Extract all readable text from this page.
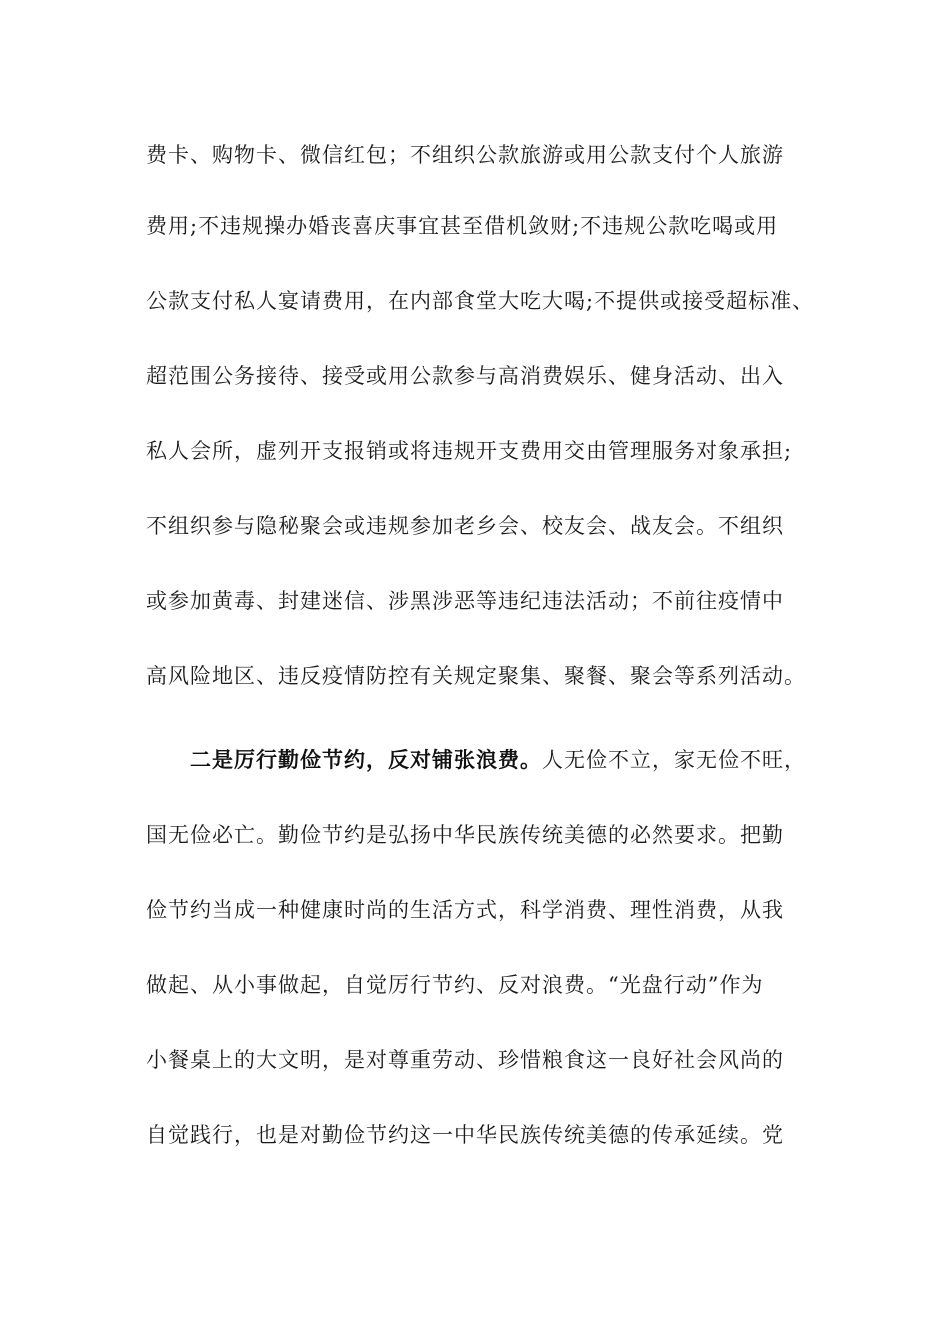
费卡、购物卡、微信红包；不组织公款旅游或用公款支付个人旅游
费用;不违规操办婚丧喜庆事宜甚至借机敛财;不违规公款吃喝或用
公款支付私人宴请费用，在内部食堂大吃大喝;不提供或接受超标准、
超范围公务接待、接受或用公款参与高消费娱乐、健身活动、出入
私人会所，虚列开支报销或将违规开支费用交由管理服务对象承担;
不组织参与隐秘聚会或违规参加老乡会、校友会、战友会。不组织
或参加黄毒、封建迷信、涉黑涉恶等违纪违法活动；不前往疫情中
高风险地区、违反疫情防控有关规定聚集、聚餐、聚会等系列活动。
二是厉行勤俭节约，反对铺张浪费。人无俭不立，家无俭不旺，
国无俭必亡。勤俭节约是弘扬中华民族传统美德的必然要求。把勤
俭节约当成一种健康时尚的生活方式，科学消费、理性消费，从我
做起、从小事做起，自觉厉行节约、反对浪费。“光盘行动”作为
小餐桌上的大文明，是对尊重劳动、珍惜粮食这一良好社会风尚的
自觉践行，也是对勤俭节约这一中华民族传统美德的传承延续。党
